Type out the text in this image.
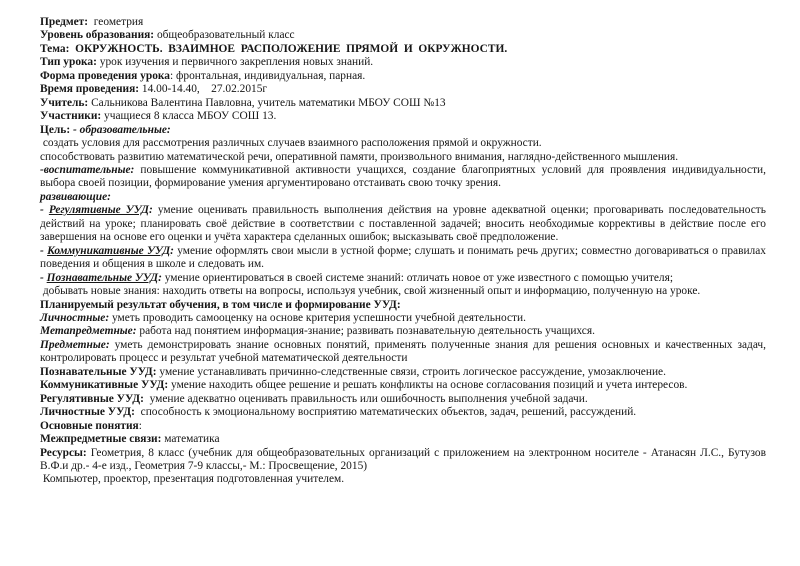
Предмет:  геометрия

Уровень образования: общеобразовательный класс

Тема:  ОКРУЖНОСТЬ.  ВЗАИМНОЕ  РАСПОЛОЖЕНИЕ  ПРЯМОЙ  И  ОКРУЖНОСТИ.

Тип урока: урок изучения и первичного закрепления новых знаний.

Форма проведения урока: фронтальная, индивидуальная, парная.

Время проведения: 14.00-14.40,    27.02.2015г

Учитель: Сальникова Валентина Павловна, учитель математики МБОУ СОШ №13

Участники: учащиеся 8 класса МБОУ СОШ 13.

Цель: - образовательные:

создать условия для рассмотрения различных случаев взаимного расположения прямой и окружности.

способствовать развитию математической речи, оперативной памяти, произвольного внимания, наглядно-действенного мышления.

-воспитательные: повышение коммуникативной активности учащихся, создание благоприятных условий для проявления индивидуальности, выбора своей позиции, формирование умения аргументировано отстаивать свою точку зрения.

развивающие:

- Регулятивные УУД: умение оценивать правильность выполнения действия на уровне адекватной оценки; проговаривать последовательность действий на уроке; планировать своё действие в соответствии с поставленной задачей; вносить необходимые коррективы в действие после его завершения на основе его оценки и учёта характера сделанных ошибок; высказывать своё предположение.

- Коммуникативные УУД: умение оформлять свои мысли в устной форме; слушать и понимать речь других; совместно договариваться о правилах поведения и общения в школе и следовать им.

- Познавательные УУД: умение ориентироваться в своей системе знаний: отличать новое от уже известного с помощью учителя;

добывать новые знания: находить ответы на вопросы, используя учебник, свой жизненный опыт и информацию, полученную на уроке.

Планируемый результат обучения, в том числе и формирование УУД:

Личностные: уметь проводить самооценку на основе критерия успешности учебной деятельности.

Метапредметные: работа над понятием информация-знание; развивать познавательную деятельность учащихся.

Предметные: уметь демонстрировать знание основных понятий, применять полученные знания для решения основных и качественных задач, контролировать процесс и результат учебной математической деятельности

Познавательные УУД: умение устанавливать причинно-следственные связи, строить логическое рассуждение, умозаключение.

Коммуникативные УУД: умение находить общее решение и решать конфликты на основе согласования позиций и учета интересов.

Регулятивные УУД:  умение адекватно оценивать правильность или ошибочность выполнения учебной задачи.

Личностные УУД:  способность к эмоциональному восприятию математических объектов, задач, решений, рассуждений.

Основные понятия:

Межпредметные связи: математика

Ресурсы: Геометрия, 8 класс (учебник для общеобразовательных организаций с приложением на электронном носителе - Атанасян Л.С., Бутузов В.Ф.и др.- 4-е изд., Геометрия 7-9 классы,- М.: Просвещение, 2015)

Компьютер, проектор, презентация подготовленная учителем.
